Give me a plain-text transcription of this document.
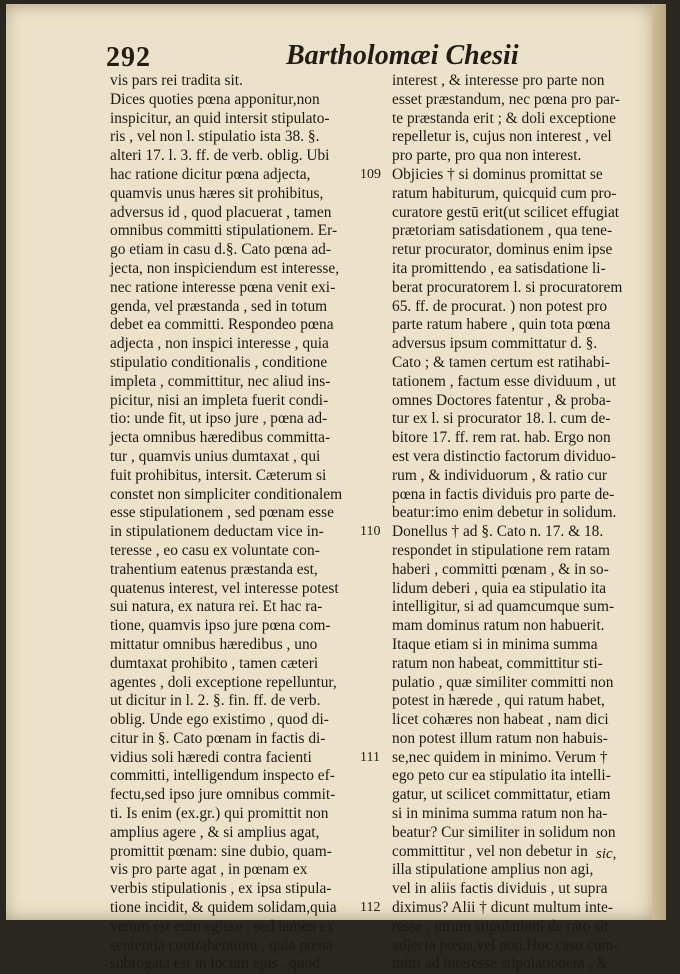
292	Bartholomæi Chesii
vis pars rei tradita sit.
Dices quoties pœna apponitur,non
inspicitur, an quid intersit stipulato-
ris , vel non l. stipulatio ista 38. §.
alteri 17. l. 3. ff. de verb. oblig. Ubi
hac ratione dicitur pœna adjecta,
quamvis unus hæres sit prohibitus,
adversus id , quod placuerat , tamen
omnibus committi stipulationem. Er-
go etiam in casu d.§. Cato pœna ad-
jecta, non inspiciendum est interesse,
nec ratione interesse pœna venit exi-
genda, vel præstanda , sed in totum
debet ea committi. Respondeo pœna
adjecta , non inspici interesse , quia
stipulatio conditionalis , conditione
impleta , committitur, nec aliud ins-
picitur, nisi an impleta fuerit condi-
tio: unde fit, ut ipso jure , pœna ad-
jecta omnibus hæredibus committa-
tur , quamvis unius dumtaxat , qui
fuit prohibitus, intersit. Cæterum si
constet non simpliciter conditionalem
esse stipulationem , sed pœnam esse
in stipulationem deductam vice in-
teresse , eo casu ex voluntate con-
trahentium eatenus præstanda est,
quatenus interest, vel interesse potest
sui natura, ex natura rei. Et hac ra-
tione, quamvis ipso jure pœna com-
mittatur omnibus hæredibus , uno
dumtaxat prohibito , tamen cæteri
agentes , doli exceptione repelluntur,
ut dicitur in l. 2. §. fin. ff. de verb.
oblig. Unde ego existimo , quod di-
citur in §. Cato pœnam in factis di-
vidius soli hæredi contra facienti
committi, intelligendum inspecto ef-
fectu,sed ipso jure omnibus commit-
ti. Is enim (ex.gr.) qui promittit non
amplius agere , & si amplius agat,
promittit pœnam: sine dubio, quam-
vis pro parte agat , in pœnam ex
verbis stipulationis , ex ipsa stipula-
tione incidit, & quidem solidam,quia
verum est eum egisse ; sed tamen ex
sententia contrahentium , quia pœna
subrogata est in locum ejus , quod
interest , & interesse pro parte non
esset præstandum, nec pœna pro par-
te præstanda erit ; & doli exceptione
repelletur is, cujus non interest , vel
pro parte, pro qua non interest.
Objicies † si dominus promittat se
ratum habiturum, quicquid cum pro-
curatore gestū erit(ut scilicet effugiat
prætoriam satisdationem , qua tene-
retur procurator, dominus enim ipse
ita promittendo , ea satisdatione li-
berat procuratorem l. si procuratorem
65. ff. de procurat. ) non potest pro
parte ratum habere , quin tota pœna
adversus ipsum committatur d. §.
Cato ; & tamen certum est ratihabi-
tationem , factum esse dividuum , ut
omnes Doctores fatentur , & proba-
tur ex l. si procurator 18. l. cum de-
bitore 17. ff. rem rat. hab. Ergo non
est vera distinctio factorum dividuo-
rum , & individuorum , & ratio cur
pœna in factis dividuis pro parte de-
beatur:imo enim debetur in solidum.
Donellus † ad §. Cato n. 17. & 18.
respondet in stipulatione rem ratam
haberi , committi pœnam , & in so-
lidum deberi , quia ea stipulatio ita
intelligitur, si ad quamcumque sum-
mam dominus ratum non habuerit.
Itaque etiam si in minima summa
ratum non habeat, committitur sti-
pulatio , quæ similiter committi non
potest in hærede , qui ratum habet,
licet cohæres non habeat , nam dici
non potest illum ratum non habuis-
se,nec quidem in minimo. Verum †
ego peto cur ea stipulatio ita intelli-
gatur, ut scilicet committatur, etiam
si in minima summa ratum non ha-
beatur? Cur similiter in solidum non
committitur , vel non debetur in
illa stipulatione amplius non agi,
vel in aliis factis dividuis , ut supra
diximus? Alii † dicunt multum inte-
resse , utrum stipulationi de rato sit
adjecta pœna,vel non.Hoc casu com-
mitti ad interesse stipulationem , &
109
110
111
112
sic,
